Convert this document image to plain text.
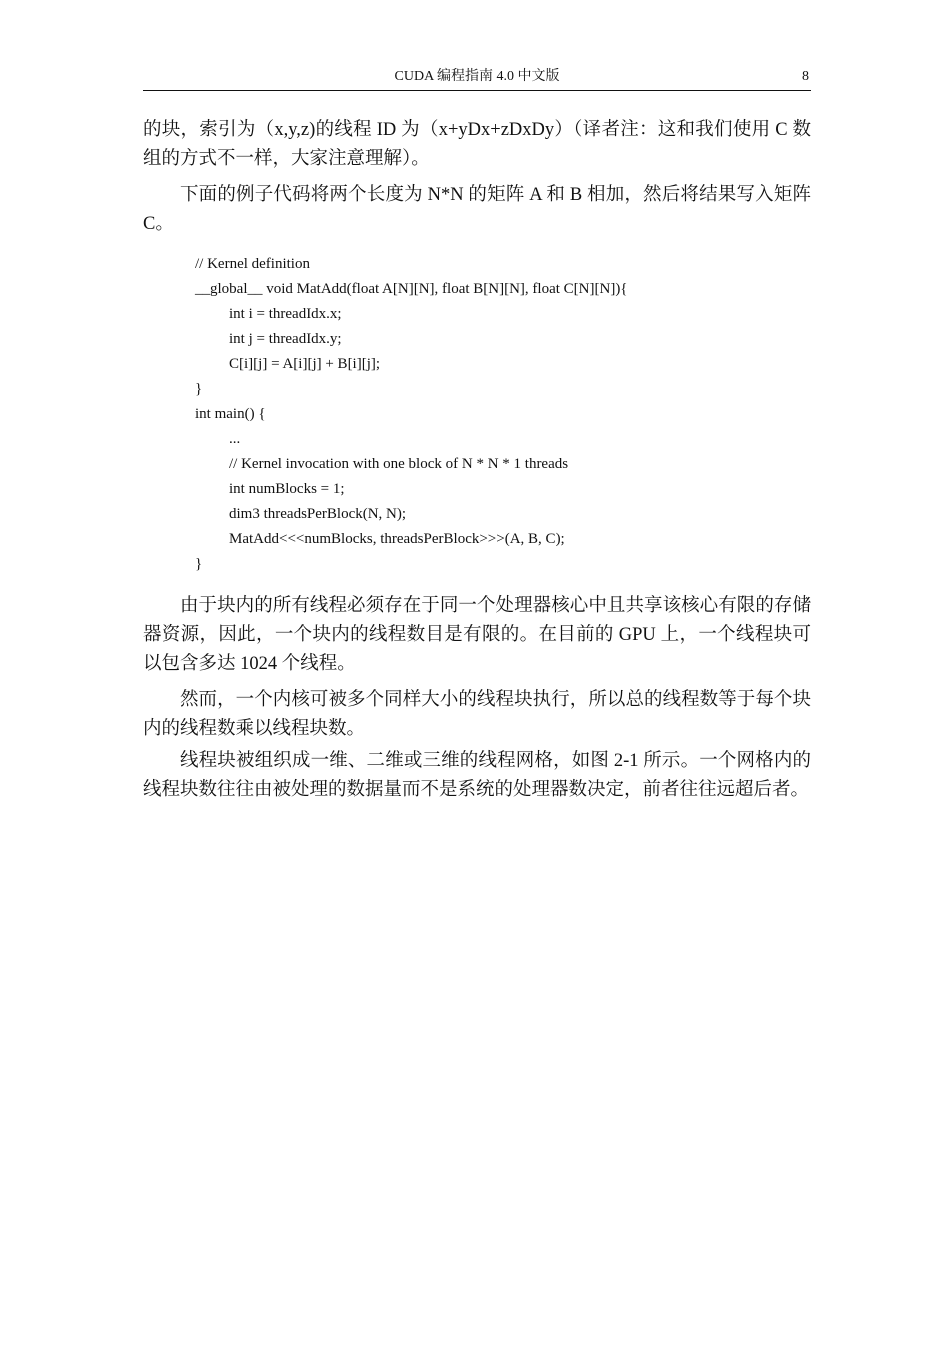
CUDA 编程指南 4.0 中文版	8

的块，索引为（x,y,z)的线程 ID 为（x+yDx+zDxDy）（译者注：这和我们使用 C 数组的方式不一样，大家注意理解）。

下面的例子代码将两个长度为 N*N 的矩阵 A 和 B 相加，然后将结果写入矩阵 C。

// Kernel definition
__global__ void MatAdd(float A[N][N], float B[N][N], float C[N][N]){
int i = threadIdx.x;
int j = threadIdx.y;
C[i][j] = A[i][j] + B[i][j];
}
int main() {
...
// Kernel invocation with one block of N * N * 1 threads
int numBlocks = 1;
dim3 threadsPerBlock(N, N);
MatAdd<<<numBlocks, threadsPerBlock>>>(A, B, C);
}

由于块内的所有线程必须存在于同一个处理器核心中且共享该核心有限的存储器资源，因此，一个块内的线程数目是有限的。在目前的 GPU 上，一个线程块可以包含多达 1024 个线程。

然而，一个内核可被多个同样大小的线程块执行，所以总的线程数等于每个块内的线程数乘以线程块数。

线程块被组织成一维、二维或三维的线程网格，如图 2-1 所示。一个网格内的线程块数往往由被处理的数据量而不是系统的处理器数决定，前者往往远超后者。
